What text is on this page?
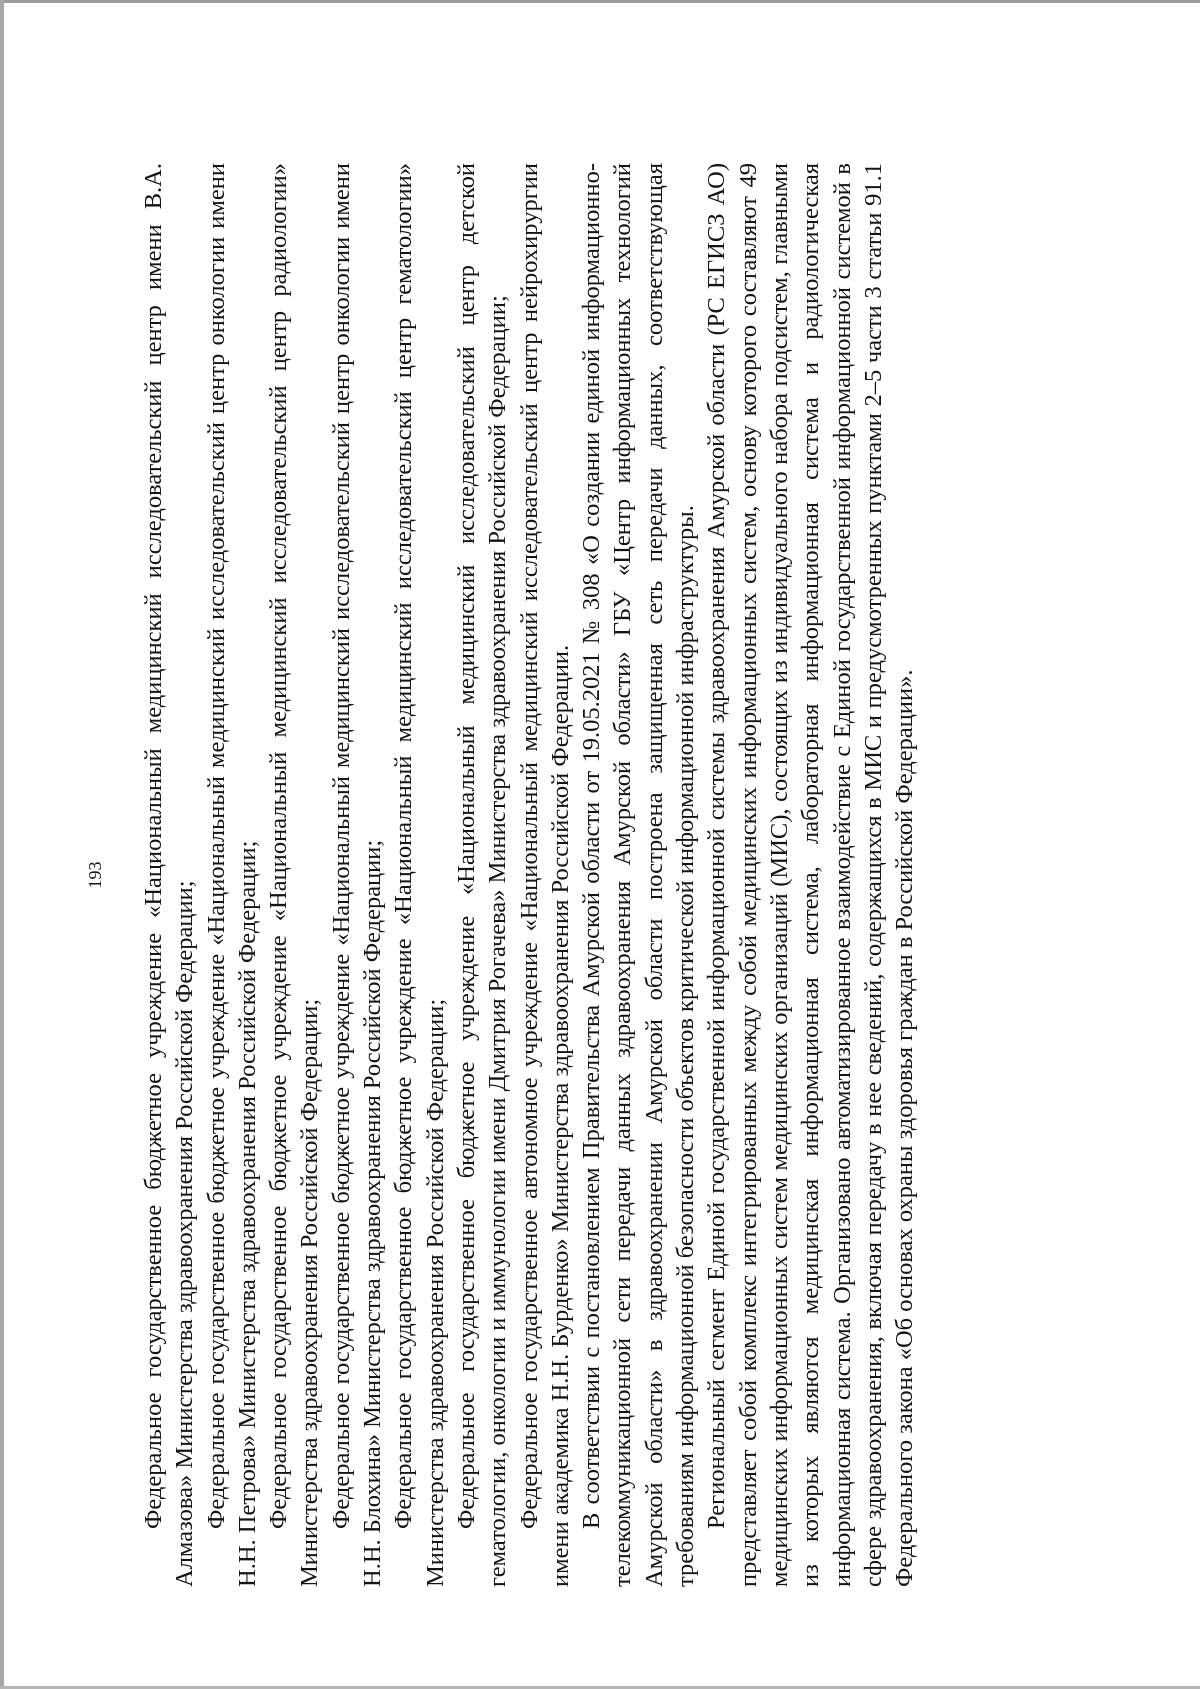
193 Федеральное государственное бюджетное учреждение «Национальный медицинский исследовательский центр имени В.А. Алмазова» Министерства здравоохранения Российской Федерации; Федеральное государственное бюджетное учреждение «Национальный медицинский исследовательский центр онкологии имени Н.Н. Петрова» Министерства здравоохранения Российской Федерации; Федеральное государственное бюджетное учреждение «Национальный медицинский исследовательский центр радиологии» Министерства здравоохранения Российской Федерации; Федеральное государственное бюджетное учреждение «Национальный медицинский исследовательский центр онкологии имени Н.Н. Блохина» Министерства здравоохранения Российской Федерации; Федеральное государственное бюджетное учреждение «Национальный медицинский исследовательский центр гематологии» Министерства здравоохранения Российской Федерации; Федеральное государственное бюджетное учреждение «Национальный медицинский исследовательский центр детской гематологии, онкологии и иммунологии имени Дмитрия Рогачева» Министерства здравоохранения Российской Федерации; Федеральное государственное автономное учреждение «Национальный медицинский исследовательский центр нейрохирургии имени академика Н.Н. Бурденко» Министерства здравоохранения Российской Федерации. В соответствии с постановлением Правительства Амурской области от 19.05.2021 № 308 «О создании единой информационно-телекоммуникационной сети передачи данных здравоохранения Амурской области» ГБУ «Центр информационных технологий Амурской области» в здравоохранении Амурской области построена защищенная сеть передачи данных, соответствующая требованиям информационной безопасности объектов критической информационной инфраструктуры. Региональный сегмент Единой государственной информационной системы здравоохранения Амурской области (РС ЕГИСЗ АО) представляет собой комплекс интегрированных между собой медицинских информационных систем, основу которого составляют 49 медицинских информационных систем медицинских организаций (МИС), состоящих из индивидуального набора подсистем, главными из которых являются медицинская информационная система, лабораторная информационная система и радиологическая информационная система. Организовано автоматизированное взаимодействие с Единой государственной информационной системой в сфере здравоохранения, включая передачу в нее сведений, содержащихся в МИС и предусмотренных пунктами 2–5 части 3 статьи 91.1 Федерального закона «Об основах охраны здоровья граждан в Российской Федерации».
